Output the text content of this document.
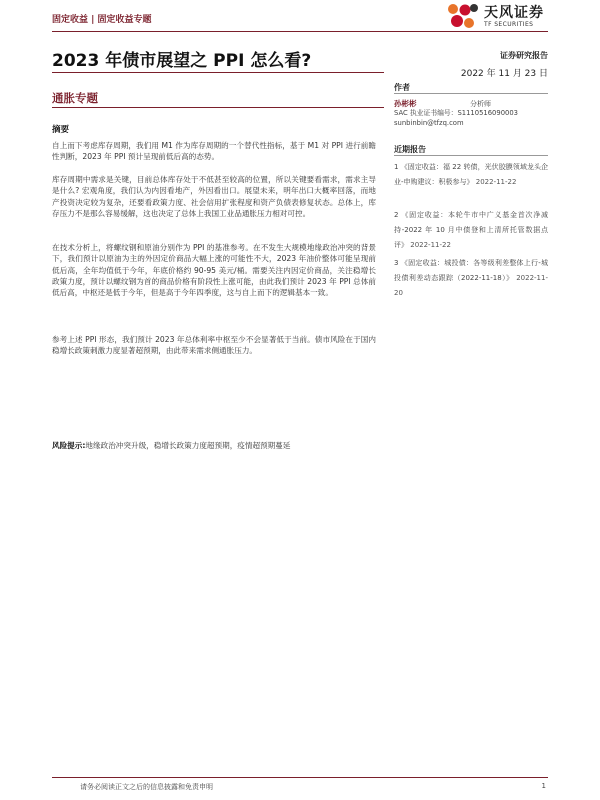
固定收益 | 固定收益专题	天风证券
TF SECURITIES
2023 年债市展望之 PPI 怎么看?	证券研究报告
2022 年 11 月 23 日
通胀专题
摘要
自上而下考虑库存周期，我们用 M1 作为库存周期的一个替代性指标，基于 M1 对 PPI 进行前瞻性判断，2023 年 PPI 预计呈现前低后高的态势。
库存周期中需求是关键，目前总体库存处于不低甚至较高的位置，所以关键要看需求，需求主导是什么? 宏观角度，我们认为内因看地产，外因看出口。展望未来，明年出口大概率回落，而地产投资决定较为复杂，还要看政策力度、社会信用扩张程度和资产负债表修复状态。总体上，库存压力不是那么容易缓解，这也决定了总体上我国工业品通胀压力相对可控。
在技术分析上，将螺纹钢和原油分别作为 PPI 的基准参考。在不发生大规模地缘政治冲突的背景下，我们预计以原油为主的外因定价商品大幅上涨的可能性不大，2023 年油价整体可能呈现前低后高，全年均值低于今年，年底价格约 90-95 美元/桶。需要关注内因定价商品，关注稳增长政策力度，预计以螺纹钢为首的商品价格有阶段性上涨可能，由此我们预计 2023 年 PPI 总体前低后高，中枢还是低于今年，但是高于今年四季度，这与自上而下的逻辑基本一致。
参考上述 PPI 形态，我们预计 2023 年总体利率中枢至少不会显著低于当前。债市风险在于国内稳增长政策刺激力度显著超预期，由此带来需求侧通胀压力。
风险提示:地缘政治冲突升级，稳增长政策力度超预期，疫情超预期蔓延
作者
孙彬彬	分析师
SAC 执业证书编号：S1110516090003
sunbinbin@tfzq.com
近期报告
1 《固定收益：福 22 转债，光伏胶膜领域龙头企业-申购建议：积极参与》 2022-11-22
2 《固定收益：本轮牛市中广义基金首次净减持-2022 年 10 月中债登和上清所托管数据点评》 2022-11-22
3 《固定收益：城投债：各等级利差整体上行-城投债利差动态跟踪（2022-11-18）》 2022-11-20
请务必阅读正文之后的信息披露和免责申明	1
